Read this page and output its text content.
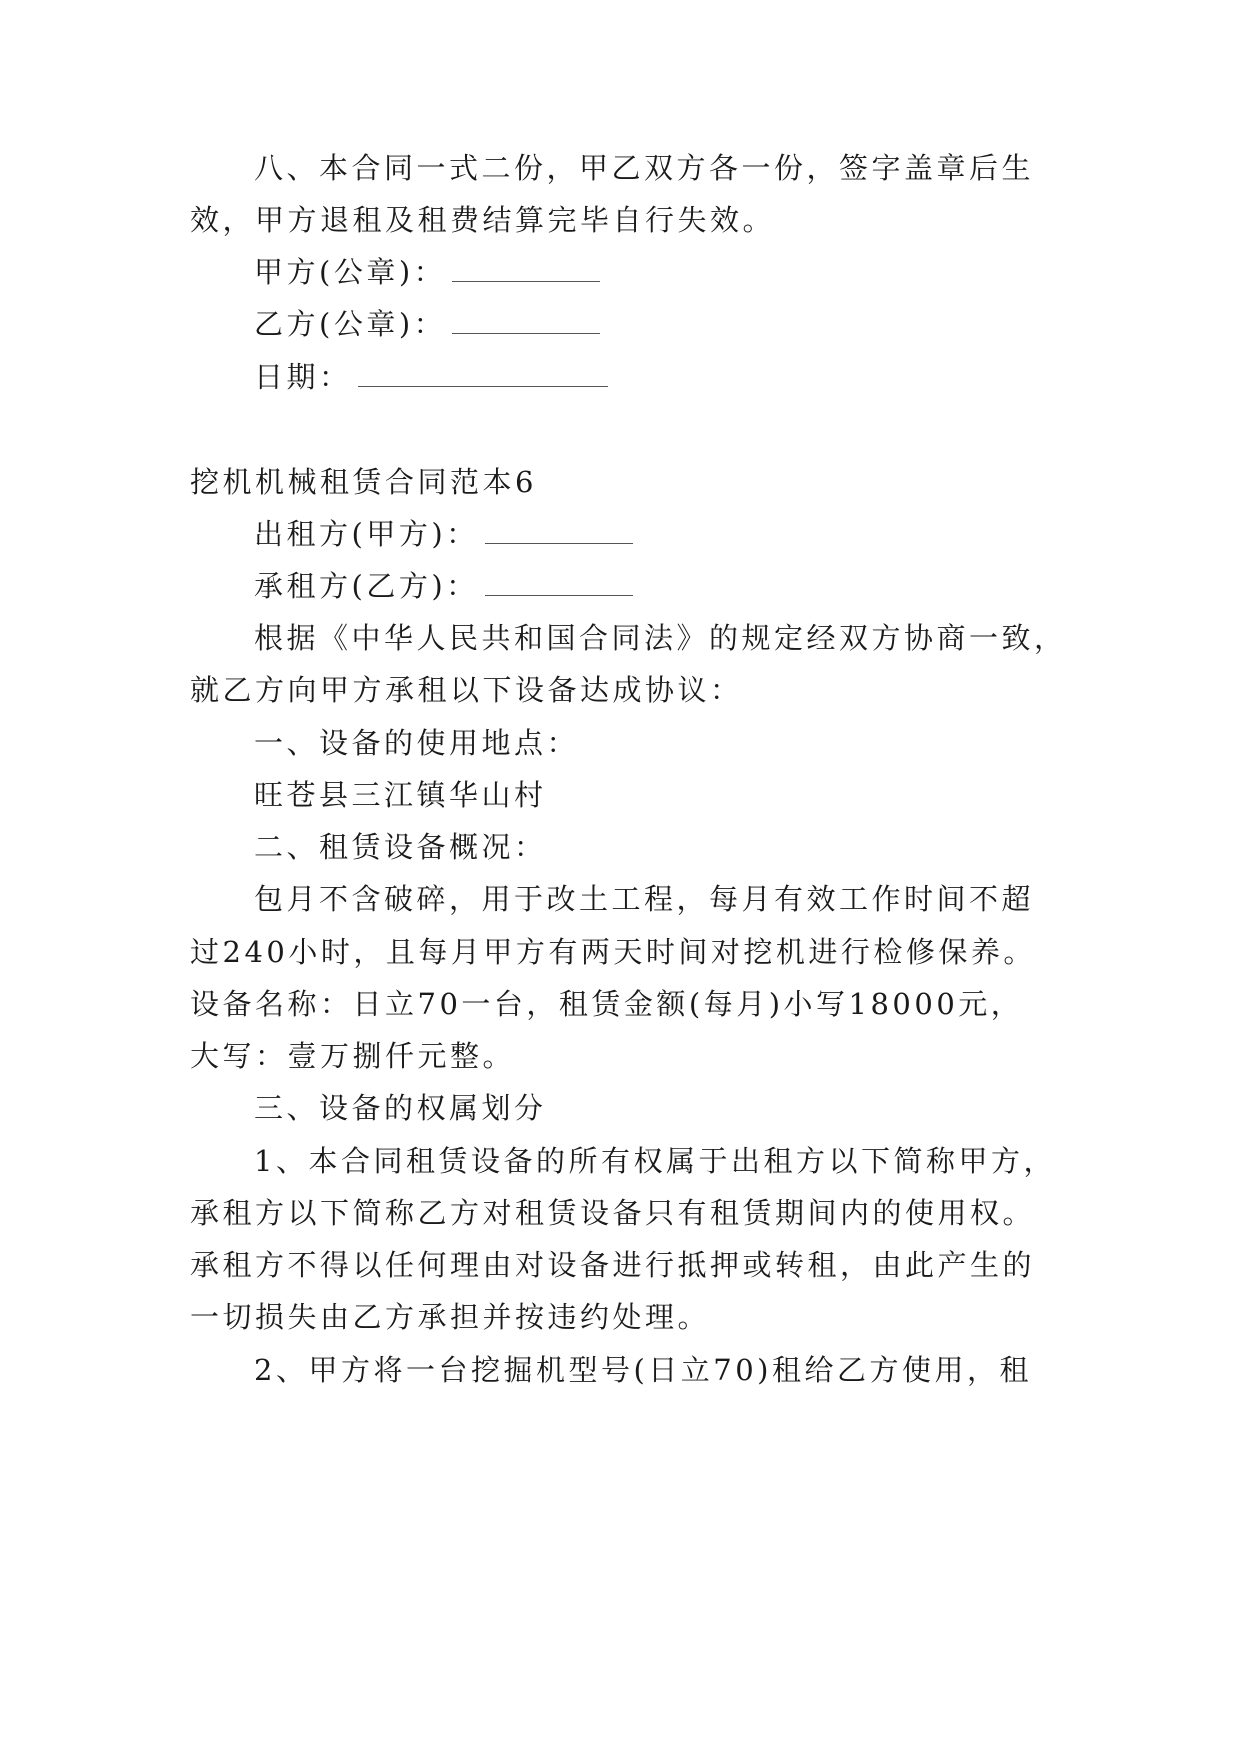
八、本合同一式二份，甲乙双方各一份，签字盖章后生
效，甲方退租及租费结算完毕自行失效。
甲方(公章)：
乙方(公章)：
日期：
挖机机械租赁合同范本6
出租方(甲方)：
承租方(乙方)：
根据《中华人民共和国合同法》的规定经双方协商一致，
就乙方向甲方承租以下设备达成协议：
一、设备的使用地点：
旺苍县三江镇华山村
二、租赁设备概况：
包月不含破碎，用于改土工程，每月有效工作时间不超
过240小时，且每月甲方有两天时间对挖机进行检修保养。
设备名称：日立70一台，租赁金额(每月)小写18000元，
大写：壹万捌仟元整。
三、设备的权属划分
1、本合同租赁设备的所有权属于出租方以下简称甲方，
承租方以下简称乙方对租赁设备只有租赁期间内的使用权。
承租方不得以任何理由对设备进行抵押或转租，由此产生的
一切损失由乙方承担并按违约处理。
2、甲方将一台挖掘机型号(日立70)租给乙方使用，租
